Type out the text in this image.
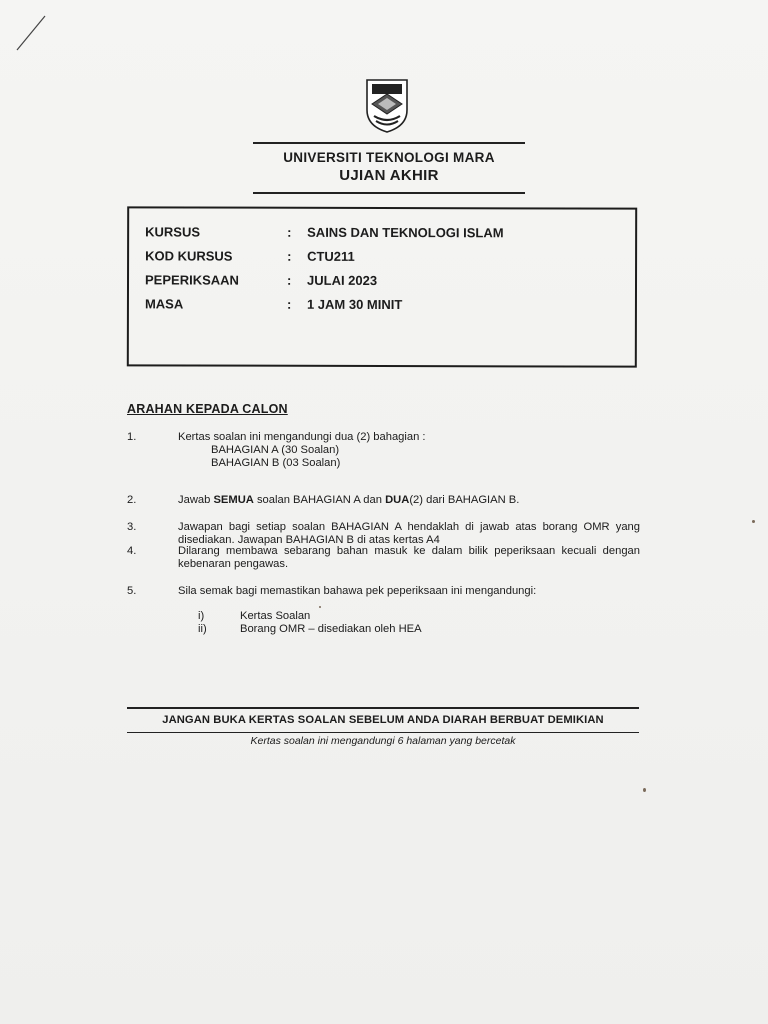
UNIVERSITI TEKNOLOGI MARA
UJIAN AKHIR
KURSUS	: SAINS DAN TEKNOLOGI ISLAM
KOD KURSUS	: CTU211
PEPERIKSAAN	: JULAI 2023
MASA	: 1 JAM 30 MINIT
ARAHAN KEPADA CALON
1.	Kertas soalan ini mengandungi dua (2) bahagian :
BAHAGIAN A (30 Soalan)
BAHAGIAN B (03 Soalan)
2.	Jawab SEMUA soalan BAHAGIAN A dan DUA(2) dari BAHAGIAN B.
3.	Jawapan bagi setiap soalan BAHAGIAN A hendaklah di jawab atas borang OMR yang disediakan. Jawapan BAHAGIAN B di atas kertas A4
4.	Dilarang membawa sebarang bahan masuk ke dalam bilik peperiksaan kecuali dengan kebenaran pengawas.
5.	Sila semak bagi memastikan bahawa pek peperiksaan ini mengandungi:
i)	Kertas Soalan
ii)	Borang OMR – disediakan oleh HEA
JANGAN BUKA KERTAS SOALAN SEBELUM ANDA DIARAH BERBUAT DEMIKIAN
Kertas soalan ini mengandungi 6 halaman yang bercetak
